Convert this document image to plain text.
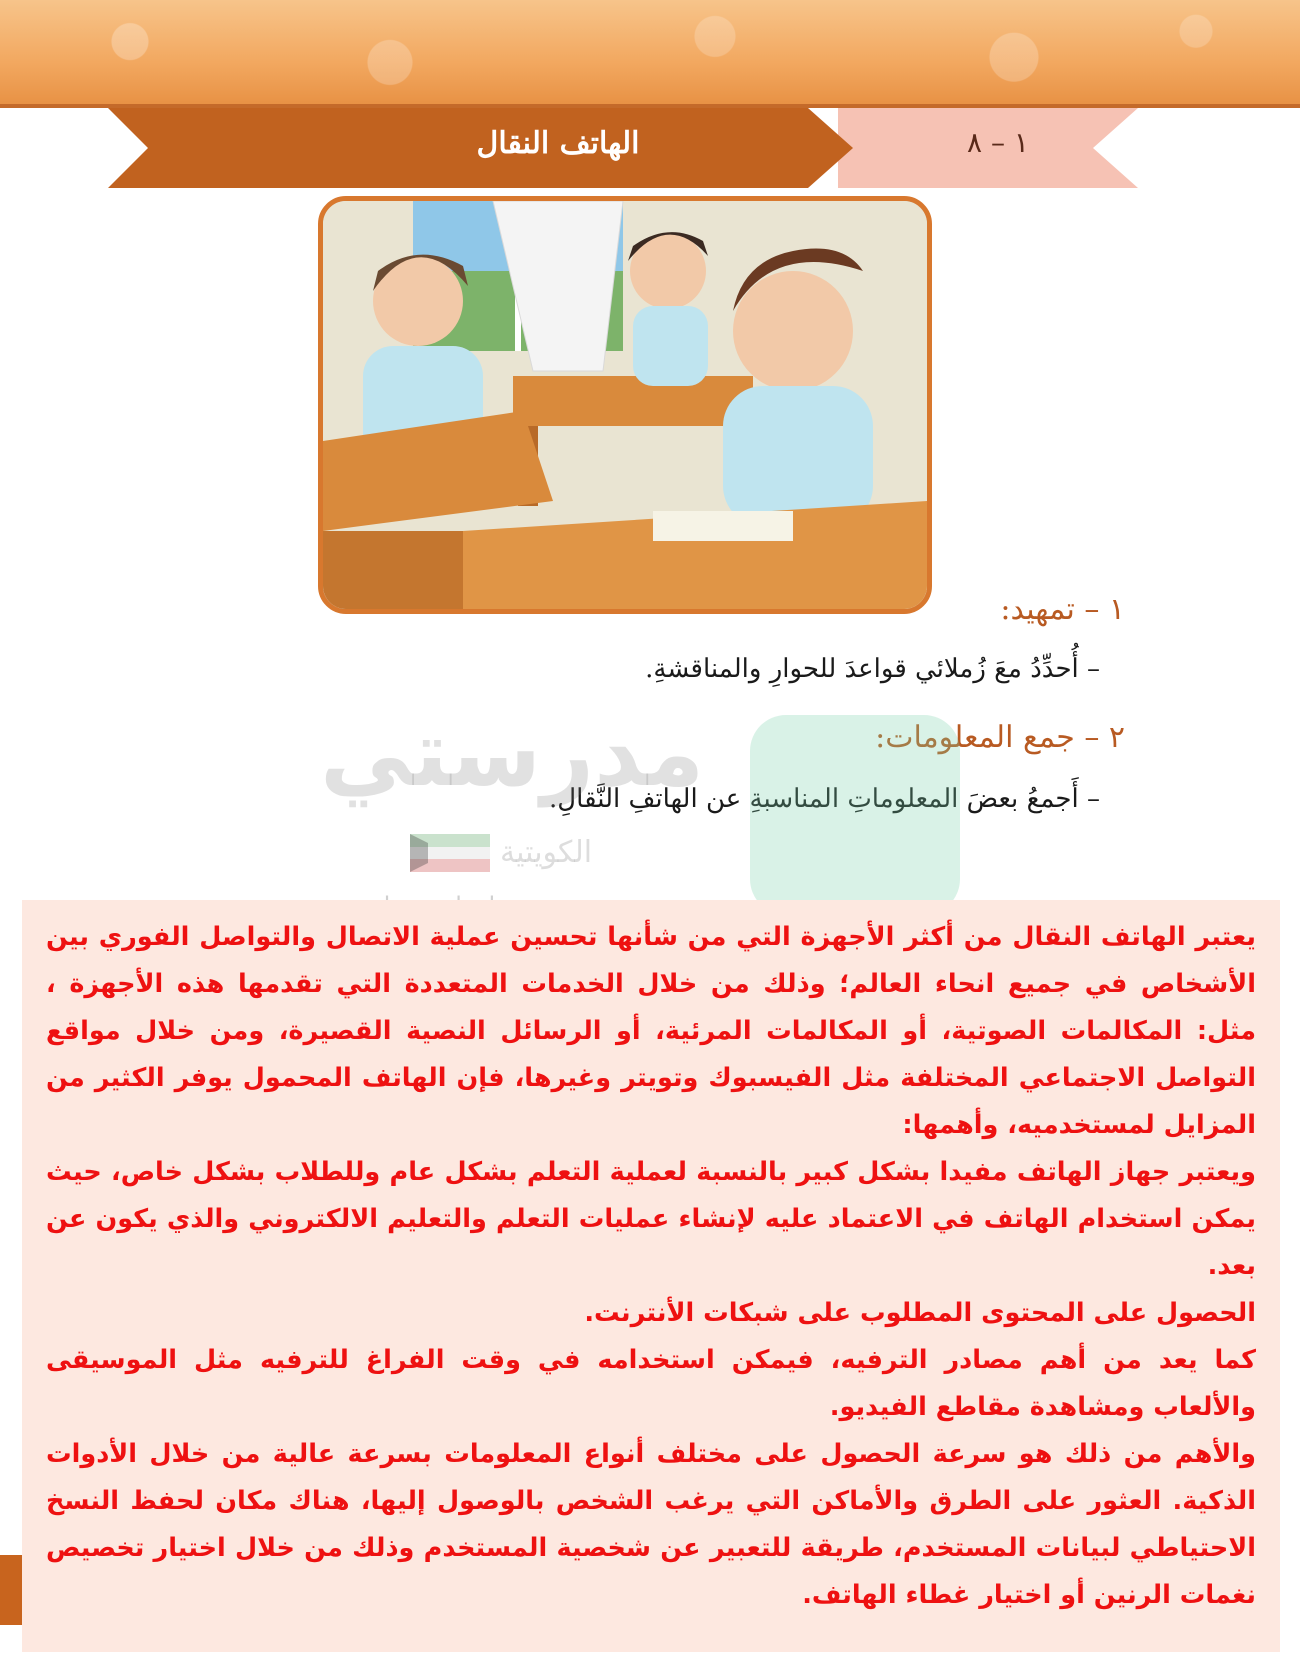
الهاتف النقال	١ – ٨
١ – تمهيد:
– أُحدِّدُ معَ زُملائي قواعدَ للحوارِ والمناقشةِ.
٢ – جمع المعلومات:
– أَجمعُ بعضَ المعلوماتِ المناسبةِ عن الهاتفِ النَّقالِ.
مدرستي
الكويتية

يعتبر الهاتف النقال من أكثر الأجهزة التي من شأنها تحسين عملية الاتصال والتواصل الفوري بين الأشخاص في جميع انحاء العالم؛ وذلك من خلال الخدمات المتعددة التي تقدمها هذه الأجهزة ، مثل: المكالمات الصوتية، أو المكالمات المرئية، أو الرسائل النصية القصيرة، ومن خلال مواقع التواصل الاجتماعي المختلفة مثل الفيسبوك وتويتر وغيرها، فإن الهاتف المحمول يوفر الكثير من المزايل لمستخدميه، وأهمها:

ويعتبر جهاز الهاتف مفيدا بشكل كبير بالنسبة لعملية التعلم بشكل عام وللطلاب بشكل خاص، حيث يمكن استخدام الهاتف في الاعتماد عليه لإنشاء عمليات التعلم والتعليم الالكتروني والذي يكون عن بعد.

الحصول على المحتوى المطلوب على شبكات الأنترنت.

كما يعد من أهم مصادر الترفيه، فيمكن استخدامه في وقت الفراغ للترفيه مثل الموسيقى والألعاب ومشاهدة مقاطع الفيديو.

والأهم من ذلك هو سرعة الحصول على مختلف أنواع المعلومات بسرعة عالية من خلال الأدوات الذكية. العثور على الطرق والأماكن التي يرغب الشخص بالوصول إليها، هناك مكان لحفظ النسخ الاحتياطي لبيانات المستخدم، طريقة للتعبير عن شخصية المستخدم وذلك من خلال اختيار تخصيص نغمات الرنين أو اختيار غطاء الهاتف.
